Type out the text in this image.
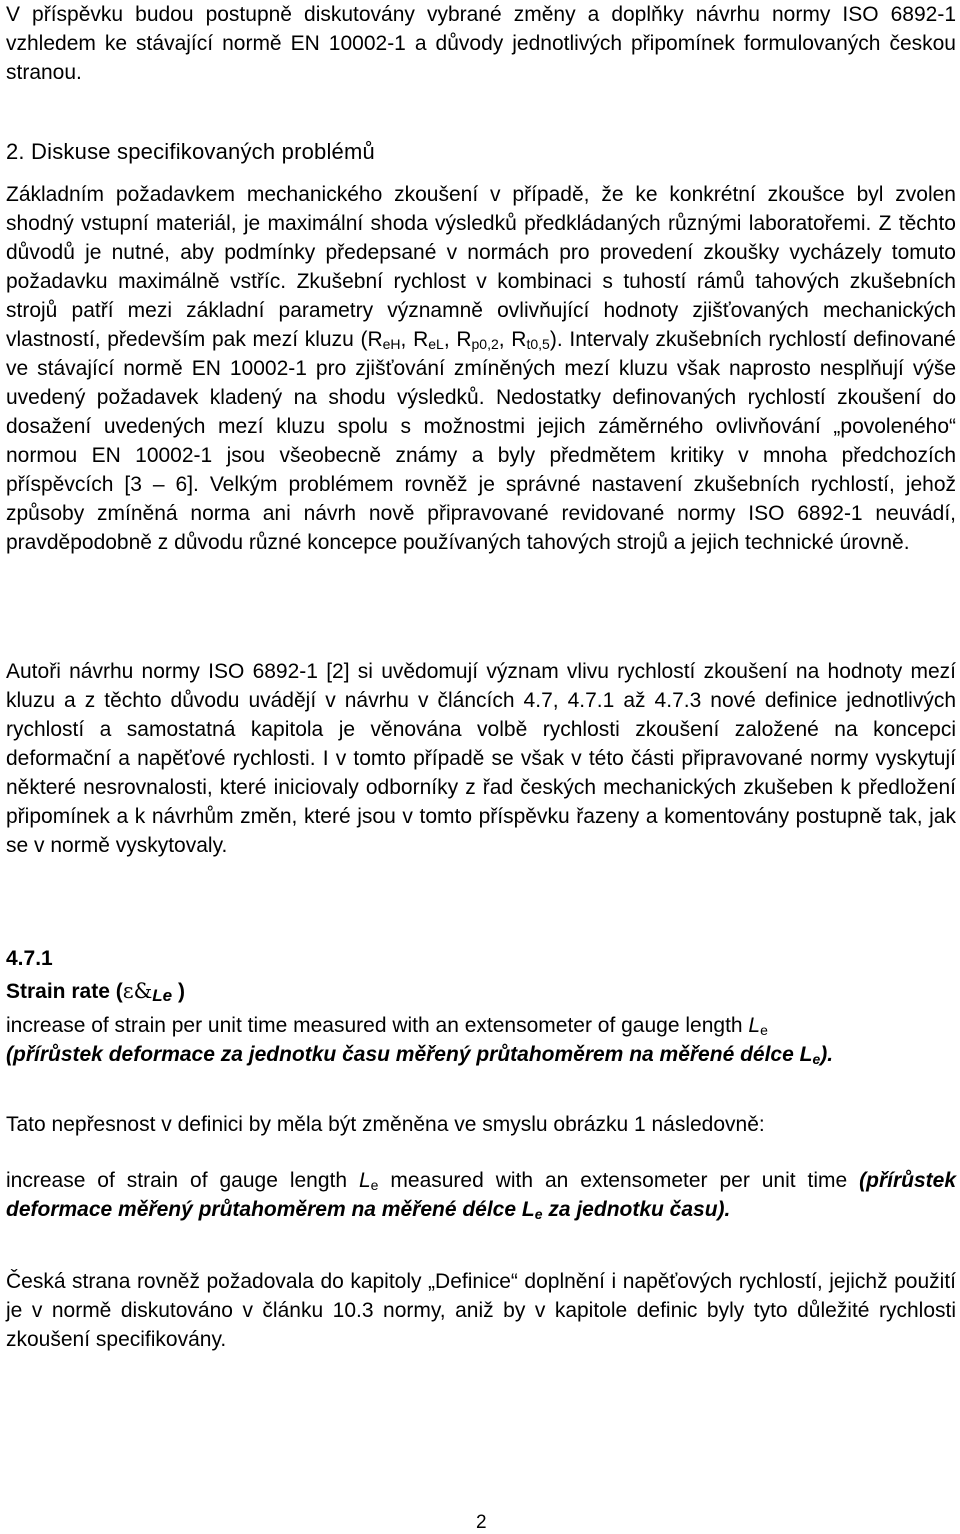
V příspěvku budou postupně diskutovány vybrané změny a doplňky návrhu normy ISO 6892-1 vzhledem ke stávající normě EN 10002-1 a důvody jednotlivých připomínek formulovaných českou stranou.

2. Diskuse specifikovaných problémů

Základním požadavkem mechanického zkoušení v případě, že ke konkrétní zkoušce byl zvolen shodný vstupní materiál, je maximální shoda výsledků předkládaných různými laboratořemi. Z těchto důvodů je nutné, aby podmínky předepsané v normách pro provedení zkoušky vycházely tomuto požadavku maximálně vstříc. Zkušební rychlost v kombinaci s tuhostí rámů tahových zkušebních strojů patří mezi základní parametry významně ovlivňující hodnoty zjišťovaných mechanických vlastností, především pak mezí kluzu ($R_{eH}$, $R_{eL}$, $R_{p0,2}$, $R_{t0,5}$). Intervaly zkušebních rychlostí definované ve stávající normě EN 10002-1 pro zjišťování zmíněných mezí kluzu však naprosto nesplňují výše uvedený požadavek kladený na shodu výsledků. Nedostatky definovaných rychlostí zkoušení do dosažení uvedených mezí kluzu spolu s možnostmi jejich záměrného ovlivňování „povoleného“ normou EN 10002-1 jsou všeobecně známy a byly předmětem kritiky v mnoha předchozích příspěvcích [3 – 6]. Velkým problémem rovněž je správné nastavení zkušebních rychlostí, jehož způsoby zmíněná norma ani návrh nově připravované revidované normy ISO 6892-1 neuvádí, pravděpodobně z důvodu různé koncepce používaných tahových strojů a jejich technické úrovně.

Autoři návrhu normy ISO 6892-1 [2] si uvědomují význam vlivu rychlostí zkoušení na hodnoty mezí kluzu a z těchto důvodu uvádějí v návrhu v článcích 4.7, 4.7.1 až 4.7.3 nové definice jednotlivých rychlostí a samostatná kapitola je věnována volbě rychlosti zkoušení založené na koncepci deformační a napěťové rychlosti. I v tomto případě se však v této části připravované normy vyskytují některé nesrovnalosti, které iniciovaly odborníky z řad českých mechanických zkušeben k předložení připomínek a k návrhům změn, které jsou v tomto příspěvku řazeny a komentovány postupně tak, jak se v normě vyskytovaly.

4.7.1
Strain rate ($\varepsilon\&_{Le}$ )

increase of strain per unit time measured with an extensometer of gauge length $L_e$
(přírůstek deformace za jednotku času měřený průtahoměrem na měřené délce $L_e$).

Tato nepřesnost v definici by měla být změněna ve smyslu obrázku 1 následovně:

increase of strain of gauge length $L_e$ measured with an extensometer per unit time (přírůstek deformace měřený průtahoměrem na měřené délce $L_e$ za jednotku času).

Česká strana rovněž požadovala do kapitoly „Definice“ doplnění i napěťových rychlostí, jejichž použití je v normě diskutováno v článku 10.3 normy, aniž by v kapitole definic byly tyto důležité rychlosti zkoušení specifikovány.

2
